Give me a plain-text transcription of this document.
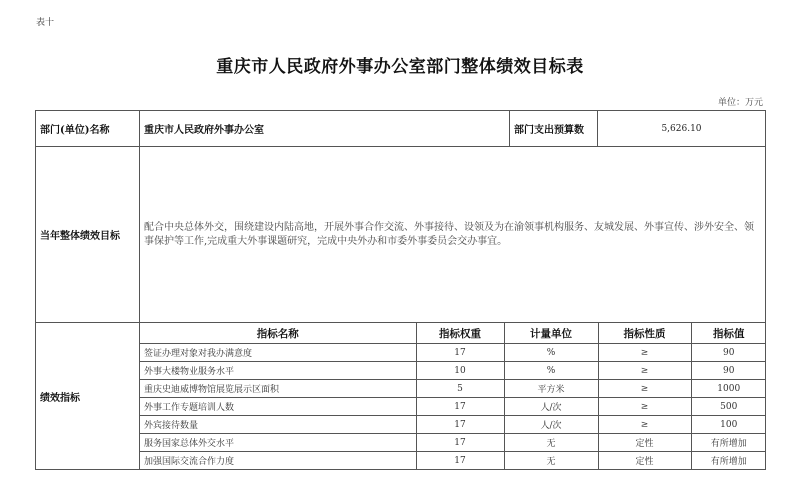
表十
重庆市人民政府外事办公室部门整体绩效目标表
单位：万元
部门(单位)名称	重庆市人民政府外事办公室	部门支出预算数	5,626.10
当年整体绩效目标	配合中央总体外交，围绕建设内陆高地，开展外事合作交流、外事接待、设领及为在渝领事机构服务、友城发展、外事宣传、涉外安全、领事保护等工作,完成重大外事课题研究，完成中央外办和市委外事委员会交办事宜。
绩效指标	
指标名称	指标权重	计量单位	指标性质	指标值
签证办理对象对我办满意度	17	%	≥	90
外事大楼物业服务水平	10	%	≥	90
重庆史迪威博物馆展览展示区面积	5	平方米	≥	1000
外事工作专题培训人数	17	人/次	≥	500
外宾接待数量	17	人/次	≥	100
服务国家总体外交水平	17	无	定性	有所增加
加强国际交流合作力度	17	无	定性	有所增加
